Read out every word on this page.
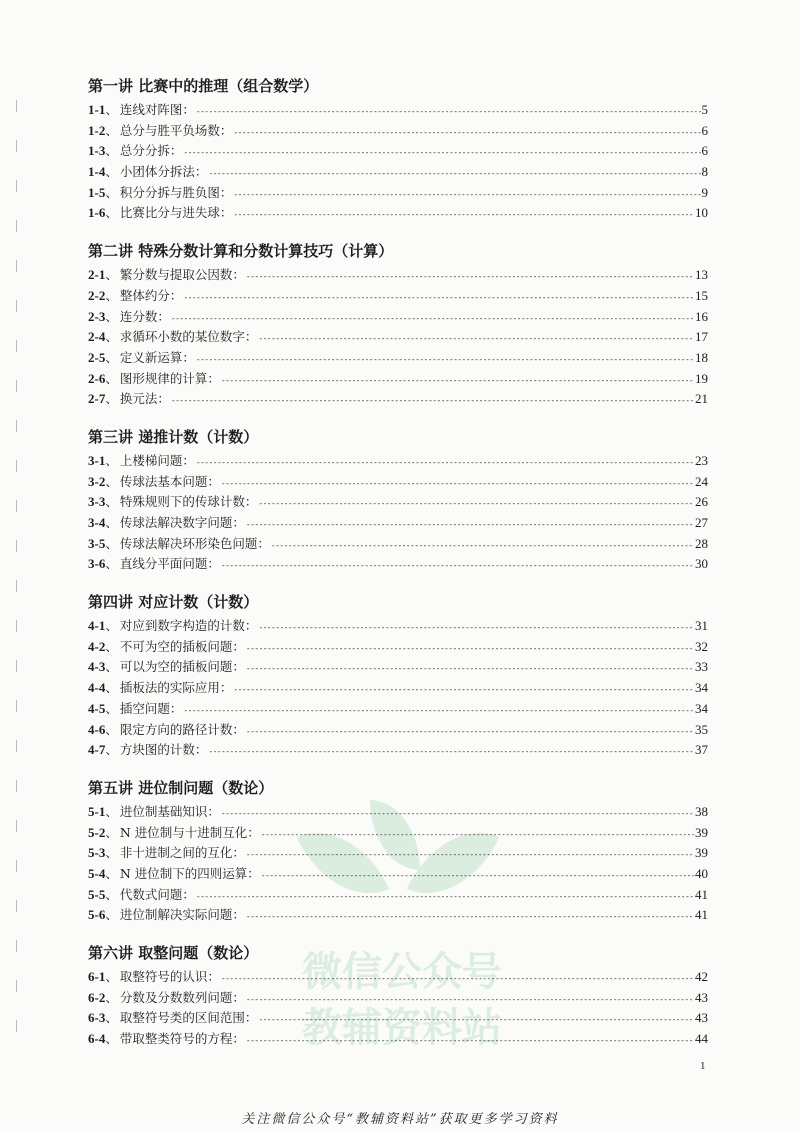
微信公众号
教辅资料站
第一讲 比赛中的推理（组合数学）
1-1 、 连线对阵图： -----	5
1-2 、 总分与胜平负场数： -----	6
1-3 、 总分分拆： -----	6
1-4 、 小团体分拆法： -----	8
1-5 、 积分分拆与胜负图： -----	9
1-6 、 比赛比分与进失球： -----	10
第二讲 特殊分数计算和分数计算技巧（计算）
2-1 、 繁分数与提取公因数： -----	13
2-2 、 整体约分： -----	15
2-3 、 连分数： -----	16
2-4 、 求循环小数的某位数字： -----	17
2-5 、 定义新运算： -----	18
2-6 、 图形规律的计算： -----	19
2-7 、 换元法： -----	21
第三讲 递推计数（计数）
3-1 、 上楼梯问题： -----	23
3-2 、 传球法基本问题： -----	24
3-3 、 特殊规则下的传球计数： -----	26
3-4 、 传球法解决数字问题： -----	27
3-5 、 传球法解决环形染色问题： -----	28
3-6 、 直线分平面问题： -----	30
第四讲 对应计数（计数）
4-1 、 对应到数字构造的计数： -----	31
4-2 、 不可为空的插板问题： -----	32
4-3 、 可以为空的插板问题： -----	33
4-4 、 插板法的实际应用： -----	34
4-5 、 插空问题： -----	34
4-6 、 限定方向的路径计数： -----	35
4-7 、 方块图的计数： -----	37
第五讲 进位制问题（数论）
5-1 、 进位制基础知识： -----	38
5-2 、 N 进位制与十进制互化： -----	39
5-3 、 非十进制之间的互化： -----	39
5-4 、 N 进位制下的四则运算： -----	40
5-5 、 代数式问题： -----	41
5-6 、 进位制解决实际问题： -----	41
第六讲 取整问题（数论）
6-1 、 取整符号的认识： -----	42
6-2 、 分数及分数数列问题： -----	43
6-3 、 取整符号类的区间范围： -----	43
6-4 、 带取整类符号的方程： -----	44
1
关注微信公众号“教辅资料站”获取更多学习资料
